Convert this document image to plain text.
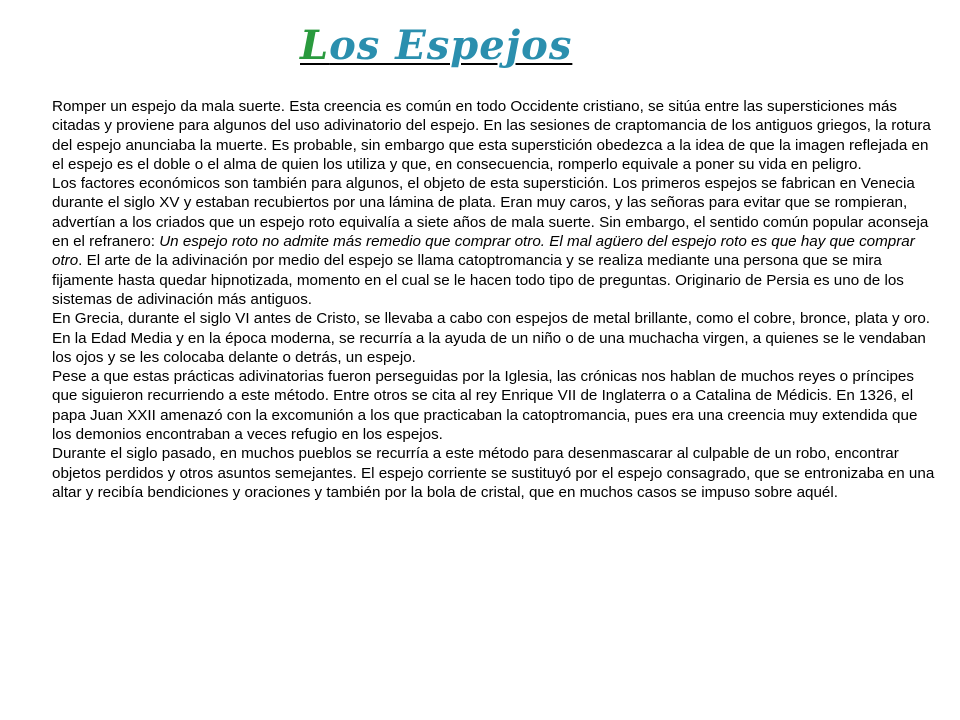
Los Espejos

Romper un espejo da mala suerte. Esta creencia es común en todo Occidente cristiano, se sitúa entre las supersticiones más citadas y proviene para algunos del uso adivinatorio del espejo. En las sesiones de craptomancia de los antiguos griegos, la rotura del espejo anunciaba la muerte. Es probable, sin embargo que esta superstición obedezca a la idea de que la imagen reflejada en el espejo es el doble o el alma de quien los utiliza y que, en consecuencia, romperlo equivale a poner su vida en peligro.

Los factores económicos son también para algunos, el objeto de esta superstición. Los primeros espejos se fabrican en Venecia durante el siglo XV y estaban recubiertos por una lámina de plata. Eran muy caros, y las señoras para evitar que se rompieran, advertían a los criados que un espejo roto equivalía a siete años de mala suerte. Sin embargo, el sentido común popular aconseja en el refranero: Un espejo roto no admite más remedio que comprar otro. El mal agüero del espejo roto es que hay que comprar otro. El arte de la adivinación por medio del espejo se llama catoptromancia y se realiza mediante una persona que se mira fijamente hasta quedar hipnotizada, momento en el cual se le hacen todo tipo de preguntas. Originario de Persia es uno de los sistemas de adivinación más antiguos.

En Grecia, durante el siglo VI antes de Cristo, se llevaba a cabo con espejos de metal brillante, como el cobre, bronce, plata y oro. En la Edad Media y en la época moderna, se recurría a la ayuda de un niño o de una muchacha virgen, a quienes se le vendaban los ojos y se les colocaba delante o detrás, un espejo.

Pese a que estas prácticas adivinatorias fueron perseguidas por la Iglesia, las crónicas nos hablan de muchos reyes o príncipes que siguieron recurriendo a este método. Entre otros se cita al rey Enrique VII de Inglaterra o a Catalina de Médicis. En 1326, el papa Juan XXII amenazó con la excomunión a los que practicaban la catoptromancia, pues era una creencia muy extendida que los demonios encontraban a veces refugio en los espejos.

Durante el siglo pasado, en muchos pueblos se recurría a este método para desenmascarar al culpable de un robo, encontrar objetos perdidos y otros asuntos semejantes. El espejo corriente se sustituyó por el espejo consagrado, que se entronizaba en una altar y recibía bendiciones y oraciones y también por la bola de cristal, que en muchos casos se impuso sobre aquél.
